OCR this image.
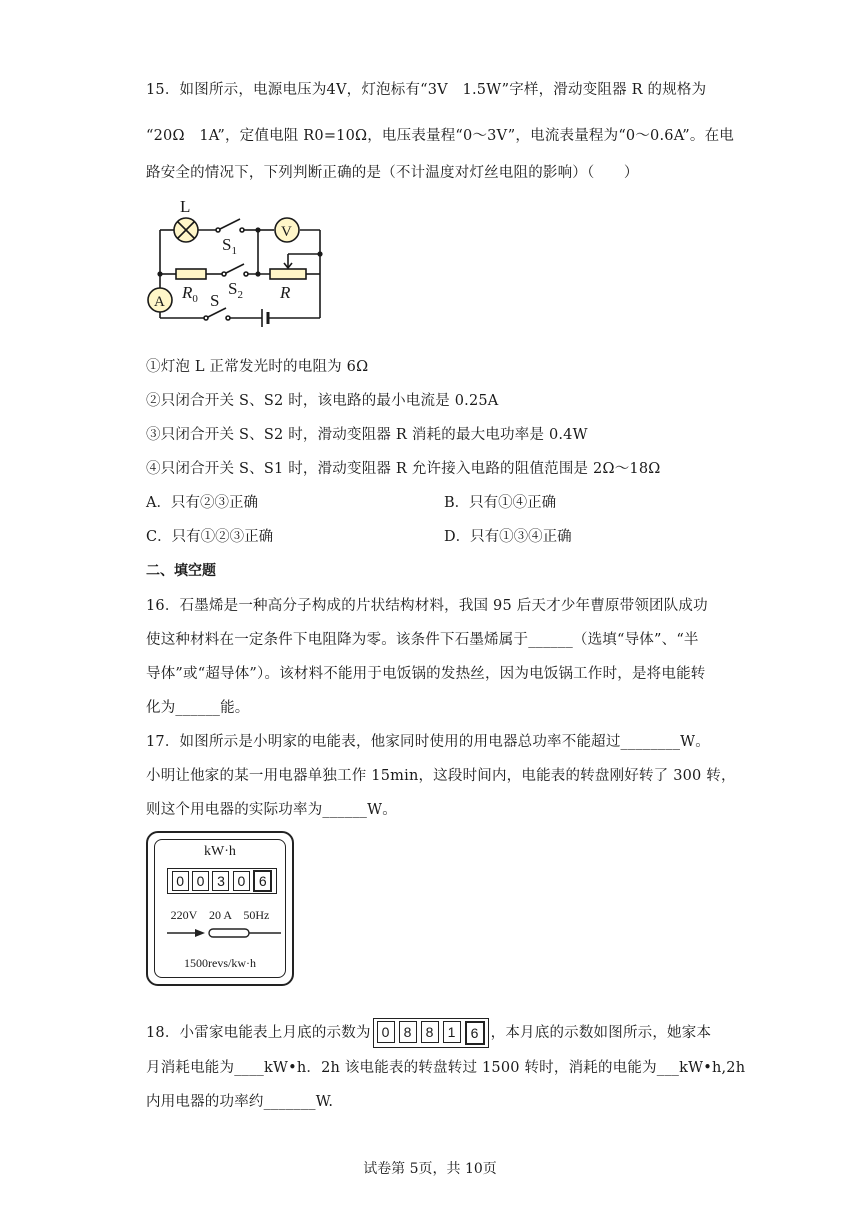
15．如图所示，电源电压为4V，灯泡标有“3V　1.5W”字样，滑动变阻器 R 的规格为
“20Ω　1A”，定值电阻 R0=10Ω，电压表量程“0～3V”，电流表量程为“0～0.6A”。在电
路安全的情况下，下列判断正确的是（不计温度对灯丝电阻的影响）（　　）
L
V
A
$S_1$
$R_0$
$S_2$ R
S
①灯泡 L 正常发光时的电阻为 6Ω
②只闭合开关 S、S2 时，该电路的最小电流是 0.25A
③只闭合开关 S、S2 时，滑动变阻器 R 消耗的最大电功率是 0.4W
④只闭合开关 S、S1 时，滑动变阻器 R 允许接入电路的阻值范围是 2Ω～18Ω
A．只有②③正确	B．只有①④正确
C．只有①②③正确	D．只有①③④正确
二、填空题
16．石墨烯是一种高分子构成的片状结构材料，我国 95 后天才少年曹原带领团队成功
使这种材料在一定条件下电阻降为零。该条件下石墨烯属于______（选填“导体”、“半
导体”或“超导体”）。该材料不能用于电饭锅的发热丝，因为电饭锅工作时，是将电能转
化为______能。
17．如图所示是小明家的电能表，他家同时使用的用电器总功率不能超过________W。
小明让他家的某一用电器单独工作 15min，这段时间内，电能表的转盘刚好转了 300 转，
则这个用电器的实际功率为______W。
kW·h
0 0 3 0 6
220V　20 A　50Hz
1500revs/kw·h
18．小雷家电能表上月底的示数为 0	8	8	1	6 ，本月底的示数如图所示，她家本
月消耗电能为____kW•h．2h 该电能表的转盘转过 1500 转时，消耗的电能为___kW•h,2h
内用电器的功率约_______W.
试卷第 5页，共 10页
